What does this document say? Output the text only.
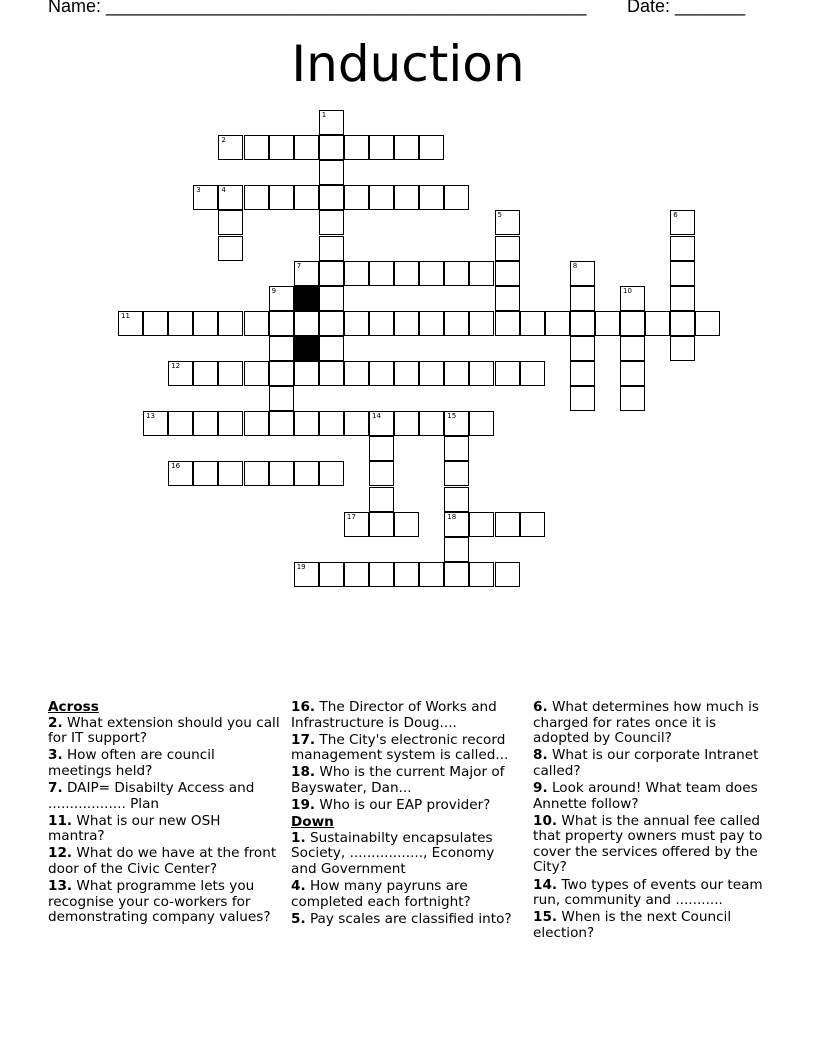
Name: ________________________________________________ Date: _______
Induction
2
3	4
7
11
12
13	14	15
16
17	18
19
1
5	6
8
9	10
Across
2. What extension should you call for IT support?
3. How often are council meetings held?
7. DAIP= Disabilty Access and .................. Plan
11. What is our new OSH mantra?
12. What do we have at the front door of the Civic Center?
13. What programme lets you recognise your co-workers for demonstrating company values?
16. The Director of Works and Infrastructure is Doug....
17. The City's electronic record management system is called...
18. Who is the current Major of Bayswater, Dan...
19. Who is our EAP provider?
Down
1. Sustainabilty encapsulates Society, ................., Economy and Government
4. How many payruns are completed each fortnight?
5. Pay scales are classified into?
6. What determines how much is charged for rates once it is adopted by Council?
8. What is our corporate Intranet called?
9. Look around! What team does Annette follow?
10. What is the annual fee called that property owners must pay to cover the services offered by the City?
14. Two types of events our team run, community and ...........
15. When is the next Council election?
